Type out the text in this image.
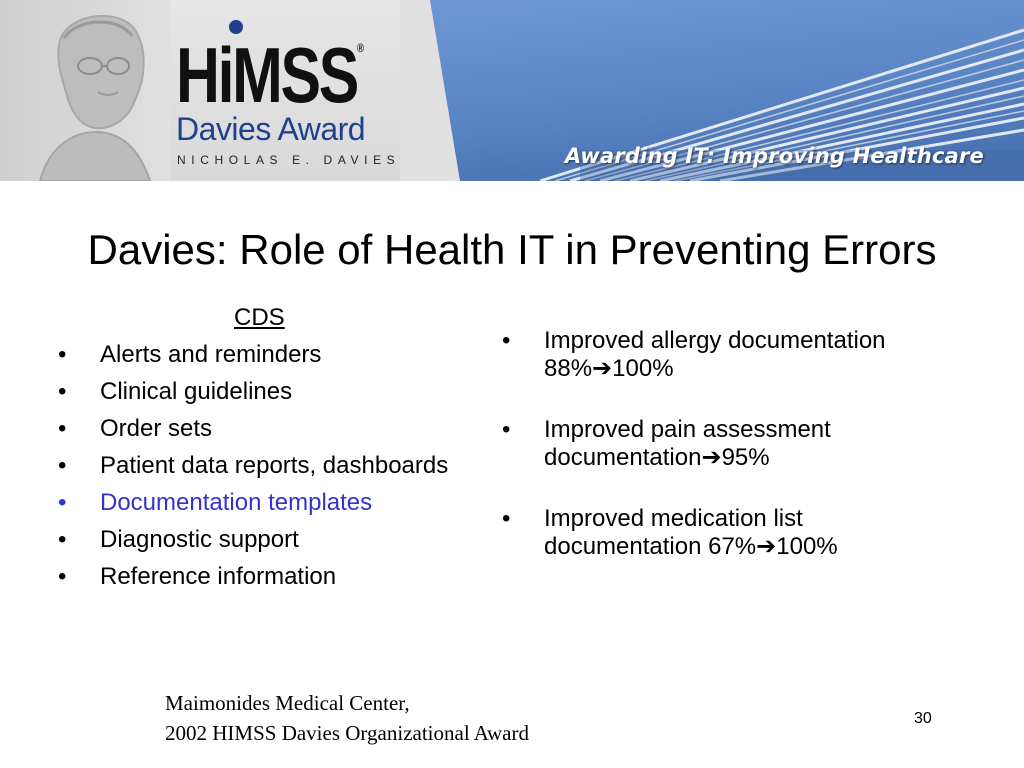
HiMSS®
Davies Award
NICHOLAS E. DAVIES	Awarding IT: Improving Healthcare
Davies: Role of Health IT in Preventing Errors
CDS
• Alerts and reminders
• Clinical guidelines
• Order sets
• Patient data reports, dashboards
• Documentation templates
• Diagnostic support
• Reference information
• Improved allergy documentation 88%➔100%
• Improved pain assessment documentation➔95%
• Improved medication list documentation 67%➔100%
Maimonides Medical Center,
2002 HIMSS Davies Organizational Award
30
